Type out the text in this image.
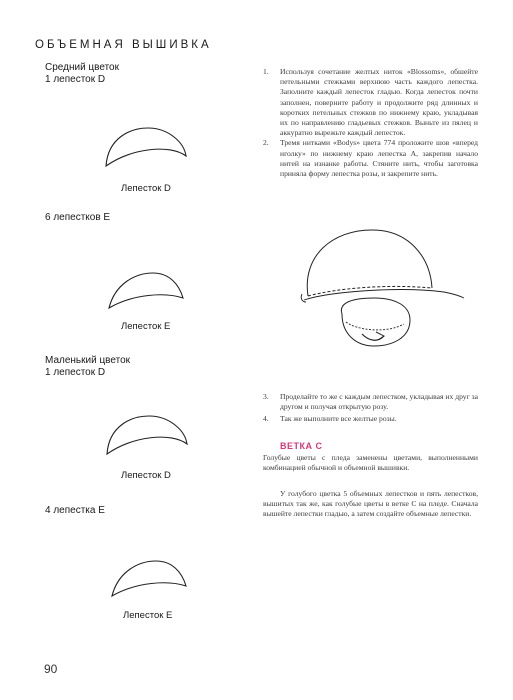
ОБЪЕМНАЯ ВЫШИВКА
Средний цветок
1 лепесток D
Лепесток D
6 лепестков Е
Лепесток Е
Маленький цветок
1 лепесток D
Лепесток D
4 лепестка Е
Лепесток Е
1. Используя сочетание желтых ниток «Blossoms», обшейте петельными стежками верхнюю часть каждого лепестка. Заполните каждый лепесток гладью. Когда лепесток почти заполнен, поверните работу и продолжите ряд длинных и коротких петельных стежков по нижнему краю, укладывая их по направлению гладьевых стежков. Выньте из пялец и аккуратно вырежьте каждый лепесток.
2. Тремя нитками «Bodys» цвета 774 проложите шов «вперед иголку» по нижнему краю лепестка А, закрепив начало нитей на изнанке работы. Стяните нить, чтобы заготовка приняла форму лепестка розы, и закрепите нить.
3. Проделайте то же с каждым лепестком, укладывая их друг за другом и получая открытую розу.
4. Так же выполните все желтые розы.
ВЕТКА С

Голубые цветы с пледа заменены цветами, выполненными комбинацией обычной и объемной вышивки.

У голубого цветка 5 объемных лепестков и пять лепестков, вышитых так же, как голубые цветы в ветке С на пледе. Сначала вышейте лепестки гладью, а затем создайте объемные лепестки.

90
